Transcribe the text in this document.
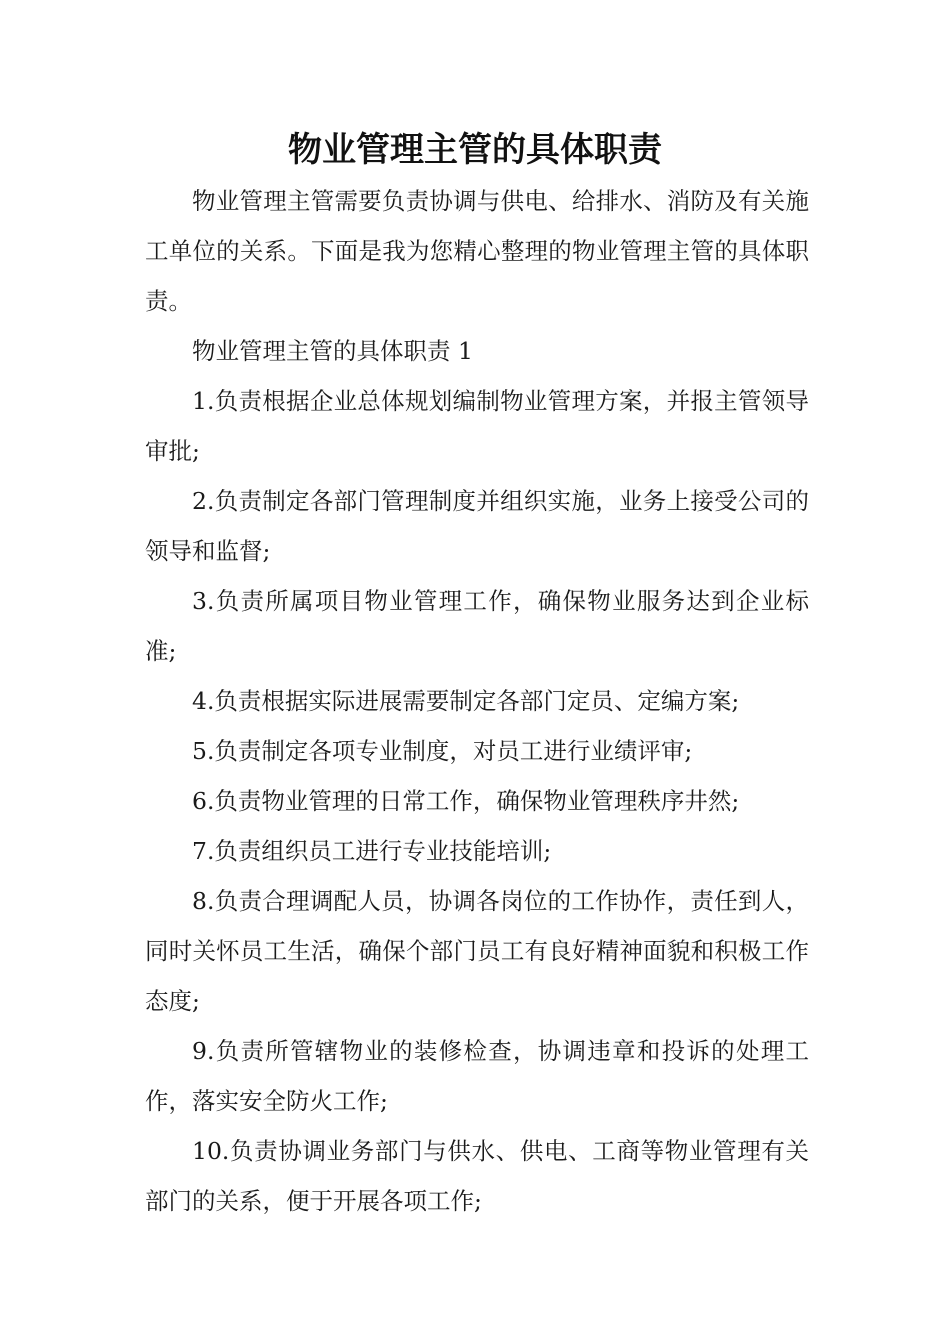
物业管理主管的具体职责

物业管理主管需要负责协调与供电、给排水、消防及有关施工单位的关系。下面是我为您精心整理的物业管理主管的具体职责。

物业管理主管的具体职责 1

1.负责根据企业总体规划编制物业管理方案，并报主管领导审批;

2.负责制定各部门管理制度并组织实施，业务上接受公司的领导和监督;

3.负责所属项目物业管理工作，确保物业服务达到企业标准;

4.负责根据实际进展需要制定各部门定员、定编方案;

5.负责制定各项专业制度，对员工进行业绩评审;

6.负责物业管理的日常工作，确保物业管理秩序井然;

7.负责组织员工进行专业技能培训;

8.负责合理调配人员，协调各岗位的工作协作，责任到人，同时关怀员工生活，确保个部门员工有良好精神面貌和积极工作态度;

9.负责所管辖物业的装修检查，协调违章和投诉的处理工作，落实安全防火工作;

10.负责协调业务部门与供水、供电、工商等物业管理有关部门的关系，便于开展各项工作;
